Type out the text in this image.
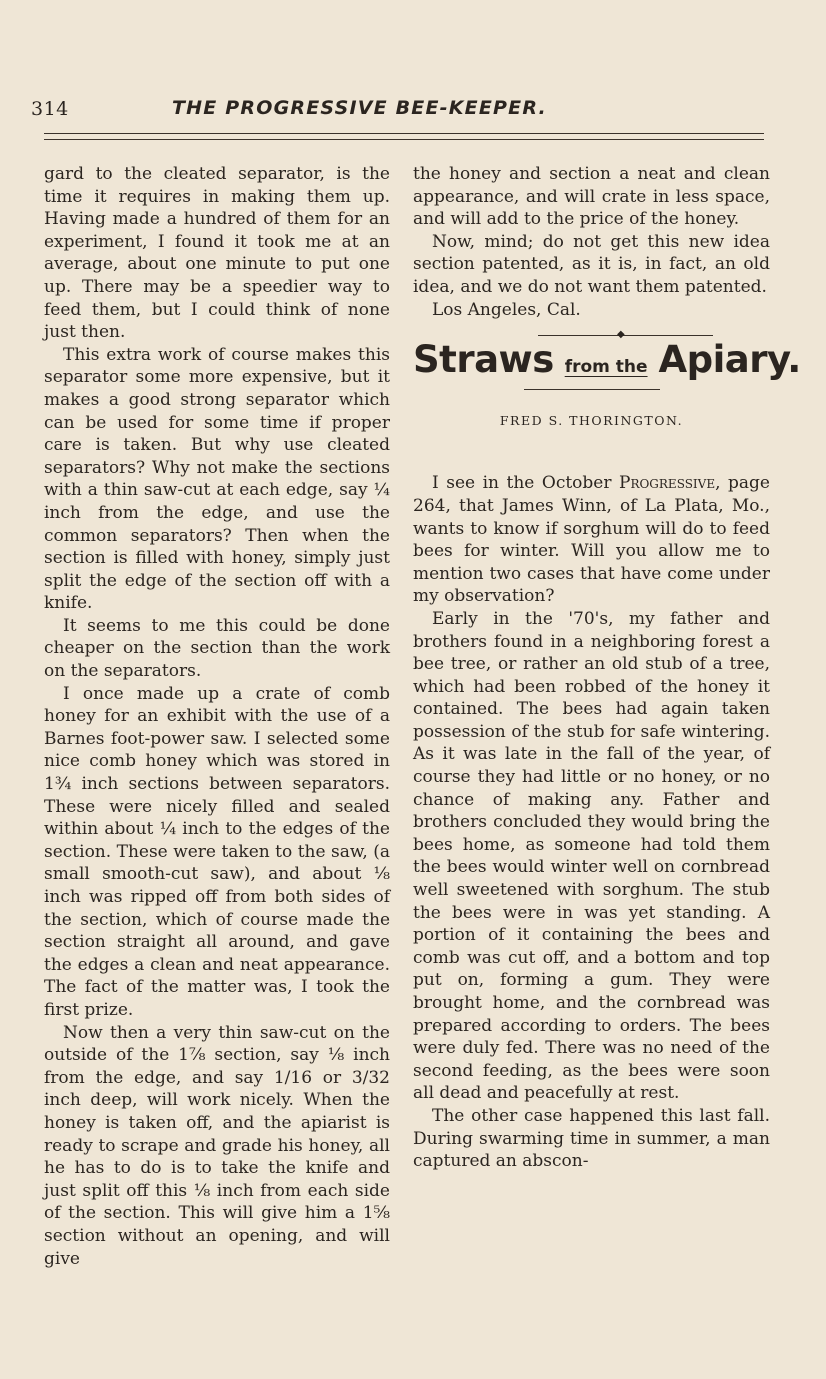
314	THE PROGRESSIVE BEE-KEEPER.

gard to the cleated separator, is the time it requires in making them up. Having made a hundred of them for an experiment, I found it took me at an average, about one minute to put one up. There may be a speedier way to feed them, but I could think of none just then.

This extra work of course makes this separator some more expensive, but it makes a good strong separator which can be used for some time if proper care is taken. But why use cleated separators? Why not make the sections with a thin saw-cut at each edge, say ¼ inch from the edge, and use the common separators? Then when the section is filled with honey, simply just split the edge of the section off with a knife.

It seems to me this could be done cheaper on the section than the work on the separators.

I once made up a crate of comb honey for an exhibit with the use of a Barnes foot-power saw. I selected some nice comb honey which was stored in 1¾ inch sections between separators. These were nicely filled and sealed within about ¼ inch to the edges of the section. These were taken to the saw, (a small smooth-cut saw), and about ⅛ inch was ripped off from both sides of the section, which of course made the section straight all around, and gave the edges a clean and neat appearance. The fact of the matter was, I took the first prize.

Now then a very thin saw-cut on the outside of the 1⅞ section, say ⅛ inch from the edge, and say 1/16 or 3/32 inch deep, will work nicely. When the honey is taken off, and the apiarist is ready to scrape and grade his honey, all he has to do is to take the knife and just split off this ⅛ inch from each side of the section. This will give him a 1⅝ section without an opening, and will give

the honey and section a neat and clean appearance, and will crate in less space, and will add to the price of the honey.

Now, mind; do not get this new idea section patented, as it is, in fact, an old idea, and we do not want them patented.

Los Angeles, Cal.

◆
Straws from the Apiary.
FRED S. THORINGTON.

I see in the October Progressive, page 264, that James Winn, of La Plata, Mo., wants to know if sorghum will do to feed bees for winter. Will you allow me to mention two cases that have come under my observation?

Early in the '70's, my father and brothers found in a neighboring forest a bee tree, or rather an old stub of a tree, which had been robbed of the honey it contained. The bees had again taken possession of the stub for safe wintering. As it was late in the fall of the year, of course they had little or no honey, or no chance of making any. Father and brothers concluded they would bring the bees home, as someone had told them the bees would winter well on cornbread well sweetened with sorghum. The stub the bees were in was yet standing. A portion of it containing the bees and comb was cut off, and a bottom and top put on, forming a gum. They were brought home, and the cornbread was prepared according to orders. The bees were duly fed. There was no need of the second feeding, as the bees were soon all dead and peacefully at rest.

The other case happened this last fall. During swarming time in summer, a man captured an abscon-
